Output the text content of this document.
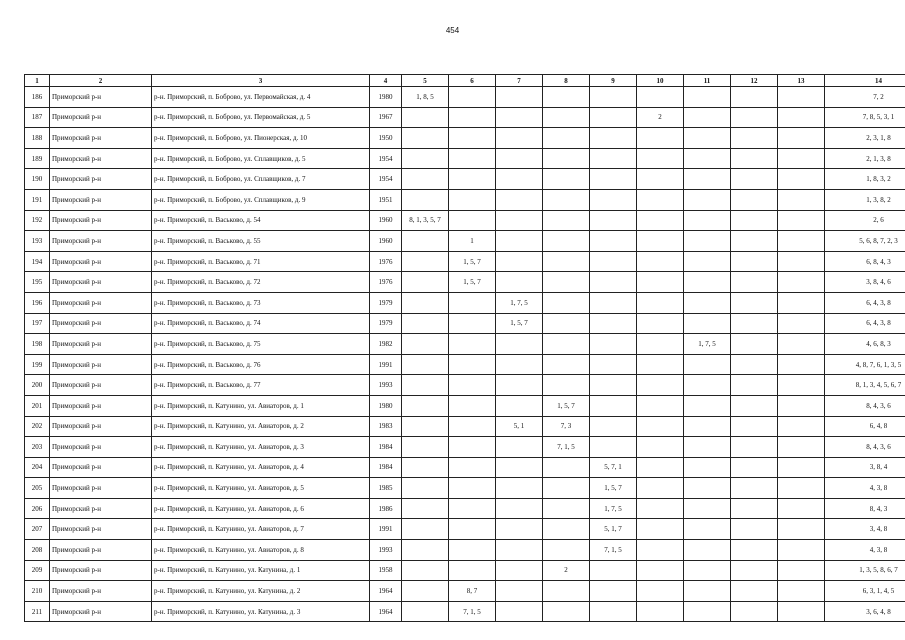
454
1	2	3	4	5	6	7	8	9	10	11	12	13	14
186	Приморский р-н	р-н. Приморский, п. Боброво, ул. Первомайская, д. 4	1980	1, 8, 5									7, 2
187	Приморский р-н	р-н. Приморский, п. Боброво, ул. Первомайская, д. 5	1967						2				7, 8, 5, 3, 1
188	Приморский р-н	р-н. Приморский, п. Боброво, ул. Пионерская, д. 10	1950										2, 3, 1, 8
189	Приморский р-н	р-н. Приморский, п. Боброво, ул. Сплавщиков, д. 5	1954										2, 1, 3, 8
190	Приморский р-н	р-н. Приморский, п. Боброво, ул. Сплавщиков, д. 7	1954										1, 8, 3, 2
191	Приморский р-н	р-н. Приморский, п. Боброво, ул. Сплавщиков, д. 9	1951										1, 3, 8, 2
192	Приморский р-н	р-н. Приморский, п. Васьково, д. 54	1960	8, 1, 3, 5, 7									2, 6
193	Приморский р-н	р-н. Приморский, п. Васьково, д. 55	1960		1								5, 6, 8, 7, 2, 3
194	Приморский р-н	р-н. Приморский, п. Васьково, д. 71	1976		1, 5, 7								6, 8, 4, 3
195	Приморский р-н	р-н. Приморский, п. Васьково, д. 72	1976		1, 5, 7								3, 8, 4, 6
196	Приморский р-н	р-н. Приморский, п. Васьково, д. 73	1979			1, 7, 5							6, 4, 3, 8
197	Приморский р-н	р-н. Приморский, п. Васьково, д. 74	1979			1, 5, 7							6, 4, 3, 8
198	Приморский р-н	р-н. Приморский, п. Васьково, д. 75	1982							1, 7, 5			4, 6, 8, 3
199	Приморский р-н	р-н. Приморский, п. Васьково, д. 76	1991										4, 8, 7, 6, 1, 3, 5
200	Приморский р-н	р-н. Приморский, п. Васьково, д. 77	1993										8, 1, 3, 4, 5, 6, 7
201	Приморский р-н	р-н. Приморский, п. Катунино, ул. Авиаторов, д. 1	1980				1, 5, 7						8, 4, 3, 6
202	Приморский р-н	р-н. Приморский, п. Катунино, ул. Авиаторов, д. 2	1983			5, 1	7, 3						6, 4, 8
203	Приморский р-н	р-н. Приморский, п. Катунино, ул. Авиаторов, д. 3	1984				7, 1, 5						8, 4, 3, 6
204	Приморский р-н	р-н. Приморский, п. Катунино, ул. Авиаторов, д. 4	1984					5, 7, 1					3, 8, 4
205	Приморский р-н	р-н. Приморский, п. Катунино, ул. Авиаторов, д. 5	1985					1, 5, 7					4, 3, 8
206	Приморский р-н	р-н. Приморский, п. Катунино, ул. Авиаторов, д. 6	1986					1, 7, 5					8, 4, 3
207	Приморский р-н	р-н. Приморский, п. Катунино, ул. Авиаторов, д. 7	1991					5, 1, 7					3, 4, 8
208	Приморский р-н	р-н. Приморский, п. Катунино, ул. Авиаторов, д. 8	1993					7, 1, 5					4, 3, 8
209	Приморский р-н	р-н. Приморский, п. Катунино, ул. Катунина, д. 1	1958				2						1, 3, 5, 8, 6, 7
210	Приморский р-н	р-н. Приморский, п. Катунино, ул. Катунина, д. 2	1964		8, 7								6, 3, 1, 4, 5
211	Приморский р-н	р-н. Приморский, п. Катунино, ул. Катунина, д. 3	1964		7, 1, 5								3, 6, 4, 8
